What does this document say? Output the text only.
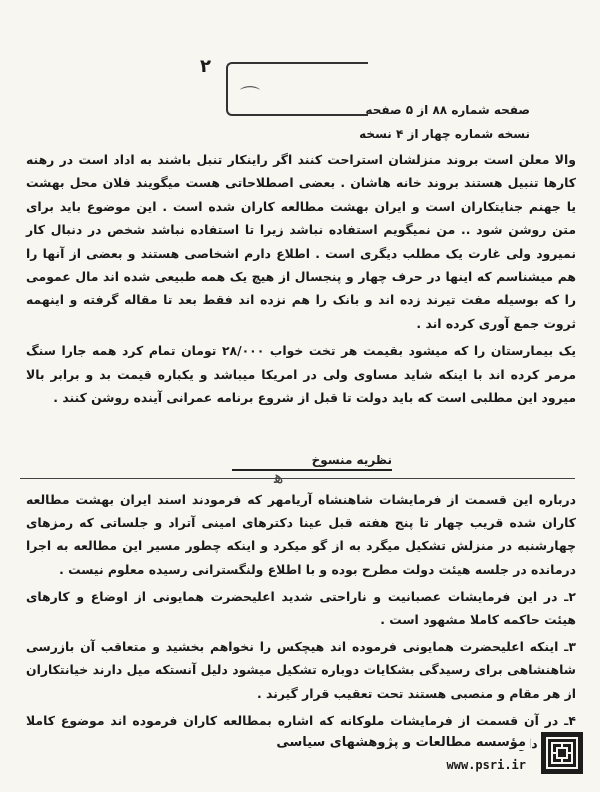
۲
⌒
صفحه شماره ۸۸ از ۵ صفحه
نسخه شماره چهار از ۴ نسخه

والا معلن است بروند منزلشان استراحت کنند اگر راینکار تنبل باشند به اداد است در رهنه کارها تنبیل هستند بروند خانه هاشان . بعضی اصطلاحاتی هست میگویند فلان محل بهشت یا جهنم جنایتکاران است و ایران بهشت مطالعه کاران شده است . این موضوع باید برای متن روشن شود .. من نمیگویم استفاده نباشد زیرا تا استفاده نباشد شخص در دنبال کار نمیرود ولی غارت یک مطلب دیگری است . اطلاع دارم اشخاصی هستند و بعضی از آنها را هم میشناسم که اینها در حرف چهار و پنجسال از هیچ یک همه طبیعی شده اند مال عمومی را که بوسیله مفت تیرند زده اند و بانک را هم نزده اند فقط بعد تا مقاله گرفته و اینهمه ثروت جمع آوری کرده اند .

یک بیمارستان را که میشود بقیمت هر تخت خواب ۲۸/۰۰۰ تومان تمام کرد همه جارا سنگ مرمر کرده اند با اینکه شاید مساوی ولی در امریکا میباشد و یکباره قیمت بد و برابر بالا میرود این مطلبی است که باید دولت تا قبل از شروع برنامه عمرانی آینده روشن کنند .

نظریه منسوخ
ﻫ

درباره این قسمت از فرمایشات شاهنشاه آریامهر که فرمودند اسند ایران بهشت مطالعه کاران شده قریب چهار تا پنج هفته قبل عینا دکترهای امینی آتراد و جلساتی که رمزهای چهارشنبه در منزلش تشکیل میگرد به از گو میکرد و اینکه چطور مسیر این مطالعه به اجرا درمانده در جلسه هیئت دولت مطرح بوده و با اطلاع ولنگسترانی رسیده معلوم نیست .

۲ـ در این فرمایشات عصبانیت و ناراحتی شدید اعلیحضرت همایونی از اوضاع و کارهای هیئت حاکمه کاملا مشهود است .

۳ـ اینکه اعلیحضرت همایونی فرموده اند هیچکس را نخواهم بخشید و متعاقب آن بازرسی شاهنشاهی برای رسیدگی بشکایات دوباره تشکیل میشود دلیل آنستکه میل دارند خیانتکاران از هر مقام و منصبی هستند تحت تعقیب قرار گیرند .

۴ـ در آن قسمت از فرمایشات ملوکانه که اشاره بمطالعه کاران فرموده اند موضوع کاملا

مؤسسه مطالعات و پژوهشهای سیاسی
www.psri.ir
